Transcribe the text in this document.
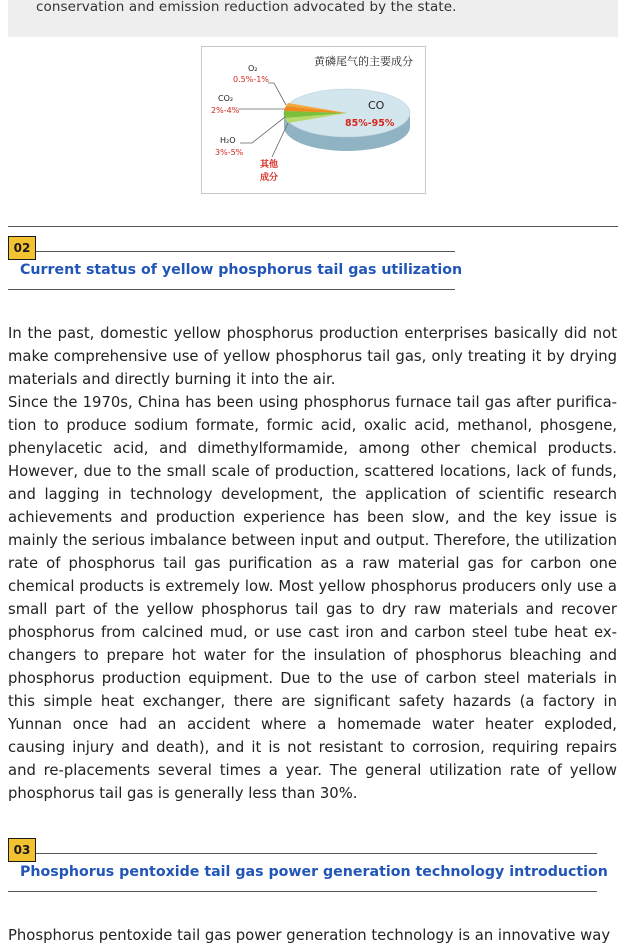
conservation and emission reduction advocated by the state.

黄磷尾气的主要成分
O₂
0.5%-1%
CO₂
2%-4%
H₂O
3%-5%
其他
成分
CO
85%-95%
02
Current status of yellow phosphorus tail gas utilization

In the past, domestic yellow phosphorus production enterprises basically did not make comprehensive use of yellow phosphorus tail gas, only treating it by drying materials and directly burning it into the air.

Since the 1970s, China has been using phosphorus furnace tail gas after purifica-tion to produce sodium formate, formic acid, oxalic acid, methanol, phosgene, phenylacetic acid, and dimethylformamide, among other chemical products. However, due to the small scale of production, scattered locations, lack of funds, and lagging in technology development, the application of scientific research achievements and production experience has been slow, and the key issue is mainly the serious imbalance between input and output. Therefore, the utilization rate of phosphorus tail gas purification as a raw material gas for carbon one chemical products is extremely low. Most yellow phosphorus producers only use a small part of the yellow phosphorus tail gas to dry raw materials and recover phosphorus from calcined mud, or use cast iron and carbon steel tube heat ex-changers to prepare hot water for the insulation of phosphorus bleaching and phosphorus production equipment. Due to the use of carbon steel materials in this simple heat exchanger, there are significant safety hazards (a factory in Yunnan once had an accident where a homemade water heater exploded, causing injury and death), and it is not resistant to corrosion, requiring repairs and re-placements several times a year. The general utilization rate of yellow phosphorus tail gas is generally less than 30%.

03
Phosphorus pentoxide tail gas power generation technology introduction

Phosphorus pentoxide tail gas power generation technology is an innovative way
